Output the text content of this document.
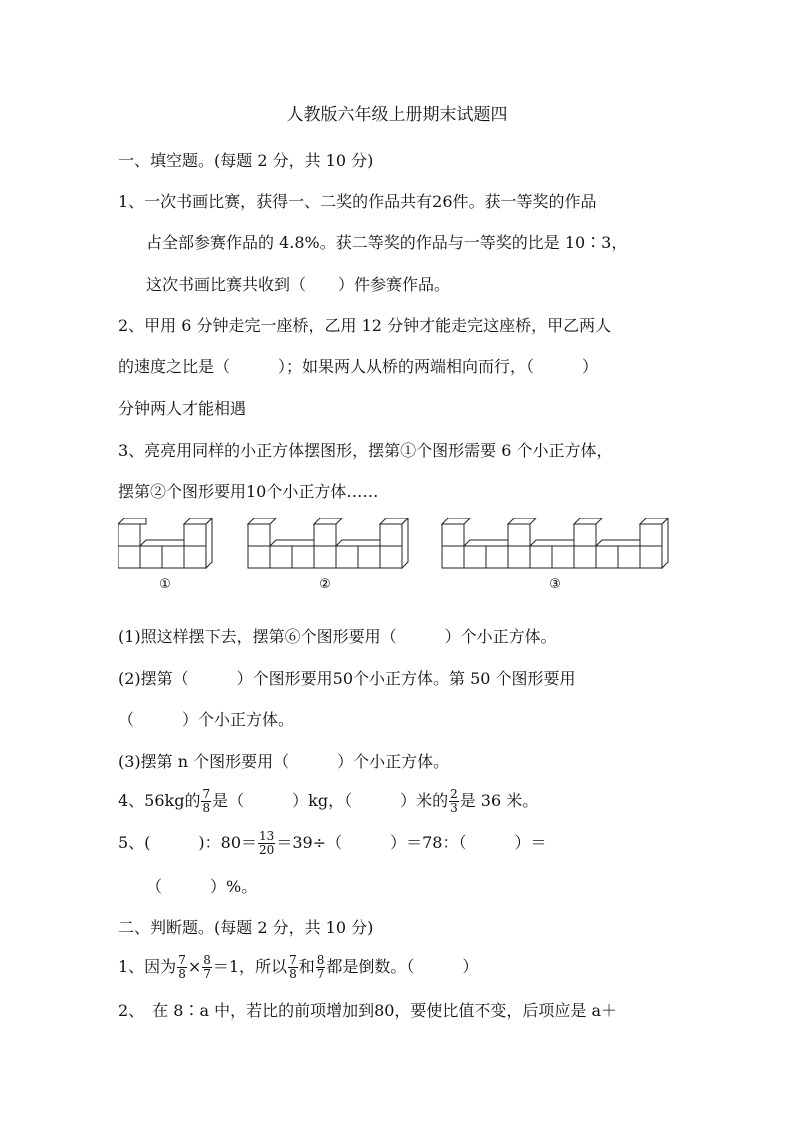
人教版六年级上册期末试题四
一、填空题。(每题 2 分，共 10 分)
1、一次书画比赛，获得一、二奖的作品共有26件。获一等奖的作品
占全部参赛作品的 4.8%。获二等奖的作品与一等奖的比是 10∶3，
这次书画比赛共收到（　　）件参赛作品。
2、甲用 6 分钟走完一座桥，乙用 12 分钟才能走完这座桥，甲乙两人
的速度之比是（　　　）；如果两人从桥的两端相向而行，（　　　）
分钟两人才能相遇
3、亮亮用同样的小正方体摆图形，摆第①个图形需要 6 个小正方体，
摆第②个图形要用10个小正方体……
①	②	③
(1)照这样摆下去，摆第⑥个图形要用（　　　）个小正方体。
(2)摆第（　　　）个图形要用50个小正方体。第 50 个图形要用
（　　　）个小正方体。
(3)摆第 n 个图形要用（　　　）个小正方体。
4、56kg的 $\frac{7}{8}$ 是（　　　）kg，（　　　）米的 $\frac{2}{3}$ 是 36 米。
5、(　　　)：$80= \frac{13}{20} =39\div$（　　　）＝78：（　　　）＝
（　　　）%。
二、判断题。(每题 2 分，共 10 分)
1、因为 $\frac{7}{8} \times \frac{8}{7} =1$，所以 $\frac{7}{8}$ 和 $\frac{8}{7}$ 都是倒数。（　　　）
2、　在 8∶a 中，若比的前项增加到80，要使比值不变，后项应是 a＋
